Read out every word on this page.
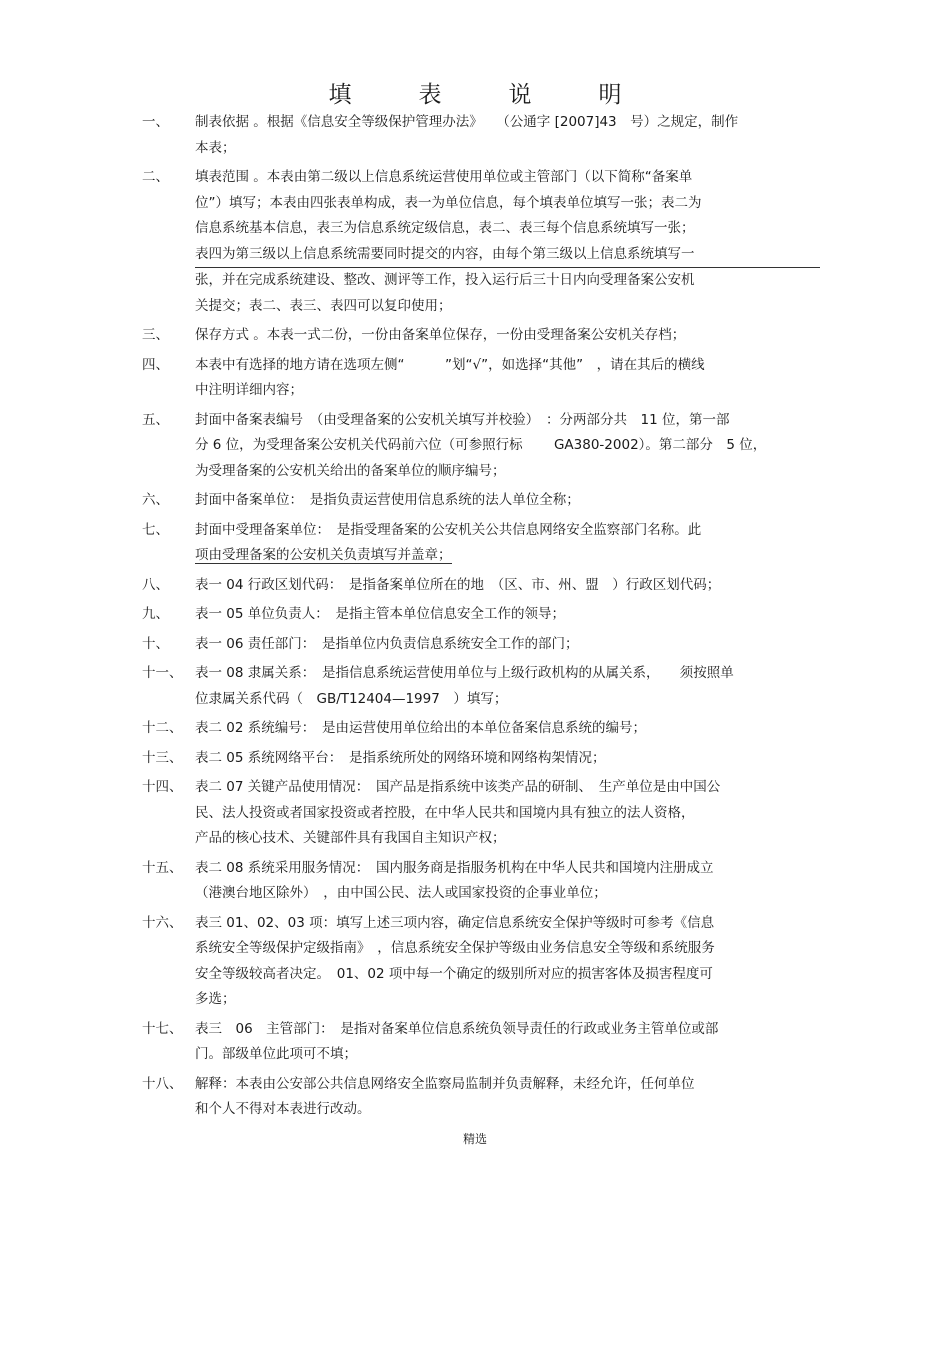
填　表　说　明
一、 制表依据 。根据《信息安全等级保护管理办法》　　（公通字 [2007]43　号）之规定，制作
本表；
二、 填表范围 。本表由第二级以上信息系统运营使用单位或主管部门（以下简称“备案单
位”）填写；本表由四张表单构成，表一为单位信息，每个填表单位填写一张；表二为
信息系统基本信息，表三为信息系统定级信息，表二、表三每个信息系统填写一张；
表四为第三级以上信息系统需要同时提交的内容，由每个第三级以上信息系统填写一
张，并在完成系统建设、整改、测评等工作，投入运行后三十日内向受理备案公安机
关提交；表二、表三、表四可以复印使用；
三、 保存方式 。本表一式二份，一份由备案单位保存，一份由受理备案公安机关存档；
四、 本表中有选择的地方请在选项左侧“　　　”划“√”，如选择“其他”　，请在其后的横线
中注明详细内容；
五、 封面中备案表编号　（由受理备案的公安机关填写并校验）　：分两部分共　11 位，第一部
分 6 位，为受理备案公安机关代码前六位（可参照行标　　 GA380-2002）。第二部分　5 位，
为受理备案的公安机关给出的备案单位的顺序编号；
六、 封面中备案单位：　是指负责运营使用信息系统的法人单位全称；
七、 封面中受理备案单位：　是指受理备案的公安机关公共信息网络安全监察部门名称。此
项由受理备案的公安机关负责填写并盖章；
八、 表一 04 行政区划代码：　是指备案单位所在的地　（区、市、州、盟　）行政区划代码；
九、 表一 05 单位负责人：　是指主管本单位信息安全工作的领导；
十、 表一 06 责任部门：　是指单位内负责信息系统安全工作的部门；
十一、 表一 08 隶属关系：　是指信息系统运营使用单位与上级行政机构的从属关系，　　须按照单
位隶属关系代码（　GB/T12404—1997　）填写；
十二、 表二 02 系统编号：　是由运营使用单位给出的本单位备案信息系统的编号；
十三、 表二 05 系统网络平台：　是指系统所处的网络环境和网络构架情况；
十四、 表二 07 关键产品使用情况：　国产品是指系统中该类产品的研制、　生产单位是由中国公
民、法人投资或者国家投资或者控股，在中华人民共和国境内具有独立的法人资格，
产品的核心技术、关键部件具有我国自主知识产权；
十五、 表二 08 系统采用服务情况：　国内服务商是指服务机构在中华人民共和国境内注册成立
（港澳台地区除外）　，由中国公民、法人或国家投资的企事业单位；
十六、 表三 01、02、03 项：填写上述三项内容，确定信息系统安全保护等级时可参考《信息
系统安全等级保护定级指南》　，信息系统安全保护等级由业务信息安全等级和系统服务
安全等级较高者决定。　01、02 项中每一个确定的级别所对应的损害客体及损害程度可
多选；
十七、 表三　06　主管部门：　是指对备案单位信息系统负领导责任的行政或业务主管单位或部
门。部级单位此项可不填；
十八、 解释：本表由公安部公共信息网络安全监察局监制并负责解释，未经允许，任何单位
和个人不得对本表进行改动。
精选
